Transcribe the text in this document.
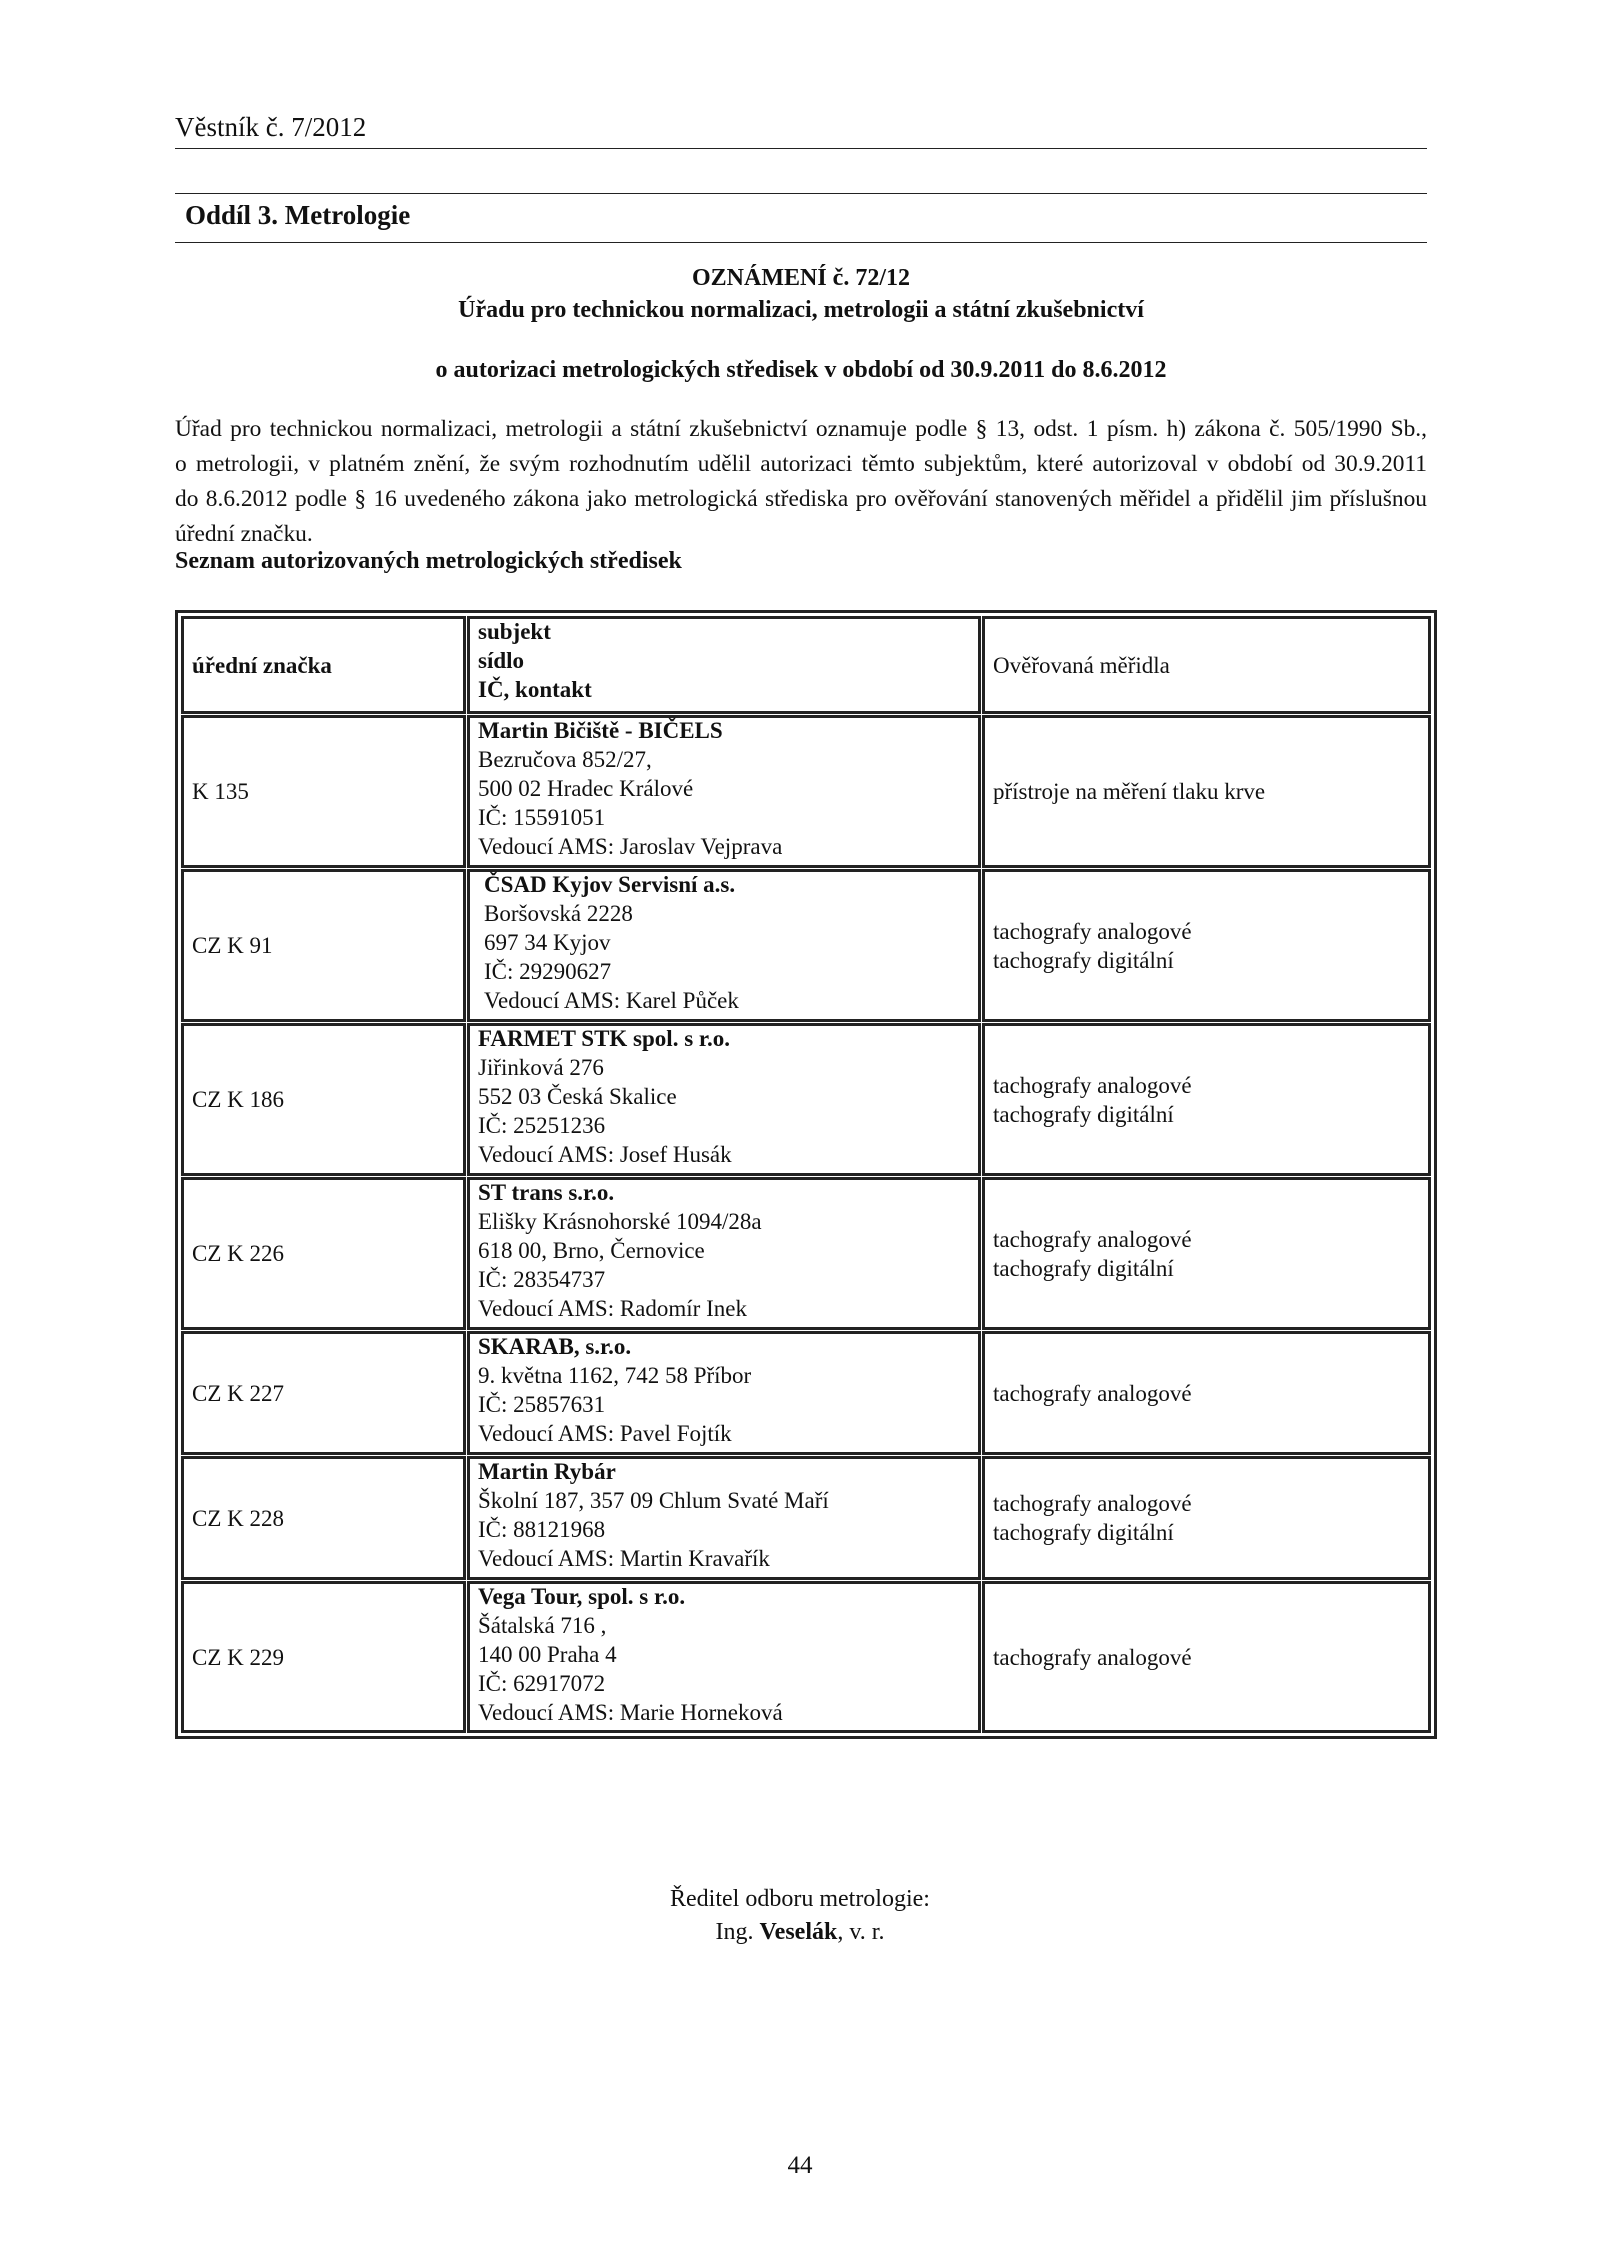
Věstník č. 7/2012
Oddíl 3. Metrologie
OZNÁMENÍ č. 72/12
Úřadu pro technickou normalizaci, metrologii a státní zkušebnictví
o autorizaci metrologických středisek v období od 30.9.2011 do 8.6.2012
Úřad pro technickou normalizaci, metrologii a státní zkušebnictví oznamuje podle § 13, odst. 1 písm. h) zákona č. 505/1990 Sb.,
o metrologii, v platném znění, že svým rozhodnutím udělil autorizaci těmto subjektům, které autorizoval v období od 30.9.2011
do 8.6.2012 podle § 16 uvedeného zákona jako metrologická střediska pro ověřování stanovených měřidel a přidělil jim příslušnou
úřední značku.
Seznam autorizovaných metrologických středisek
úřední značka
subjekt
sídlo
IČ, kontakt
Ověřovaná měřidla
K 135
Martin Bičiště - BIČELS
Bezručova 852/27,
500 02 Hradec Králové
IČ: 15591051
Vedoucí AMS: Jaroslav Vejprava
přístroje na měření tlaku krve
CZ K 91
ČSAD Kyjov Servisní a.s.
Boršovská 2228
697 34 Kyjov
IČ: 29290627
Vedoucí AMS: Karel Půček
tachografy analogové
tachografy digitální
CZ K 186
FARMET STK spol. s r.o.
Jiřinková 276
552 03 Česká Skalice
IČ: 25251236
Vedoucí AMS: Josef Husák
tachografy analogové
tachografy digitální
CZ K 226
ST trans s.r.o.
Elišky Krásnohorské 1094/28a
618 00, Brno, Černovice
IČ: 28354737
Vedoucí AMS: Radomír Inek
tachografy analogové
tachografy digitální
CZ K 227
SKARAB, s.r.o.
9. května 1162, 742 58 Příbor
IČ: 25857631
Vedoucí AMS: Pavel Fojtík
tachografy analogové
CZ K 228
Martin Rybár
Školní 187, 357 09 Chlum Svaté Maří
IČ: 88121968
Vedoucí AMS: Martin Kravařík
tachografy analogové
tachografy digitální
CZ K 229
Vega Tour, spol. s r.o.
Šátalská 716 ,
140 00 Praha 4
IČ: 62917072
Vedoucí AMS: Marie Horneková
tachografy analogové
Ředitel odboru metrologie:
Ing. Veselák, v. r.
44
